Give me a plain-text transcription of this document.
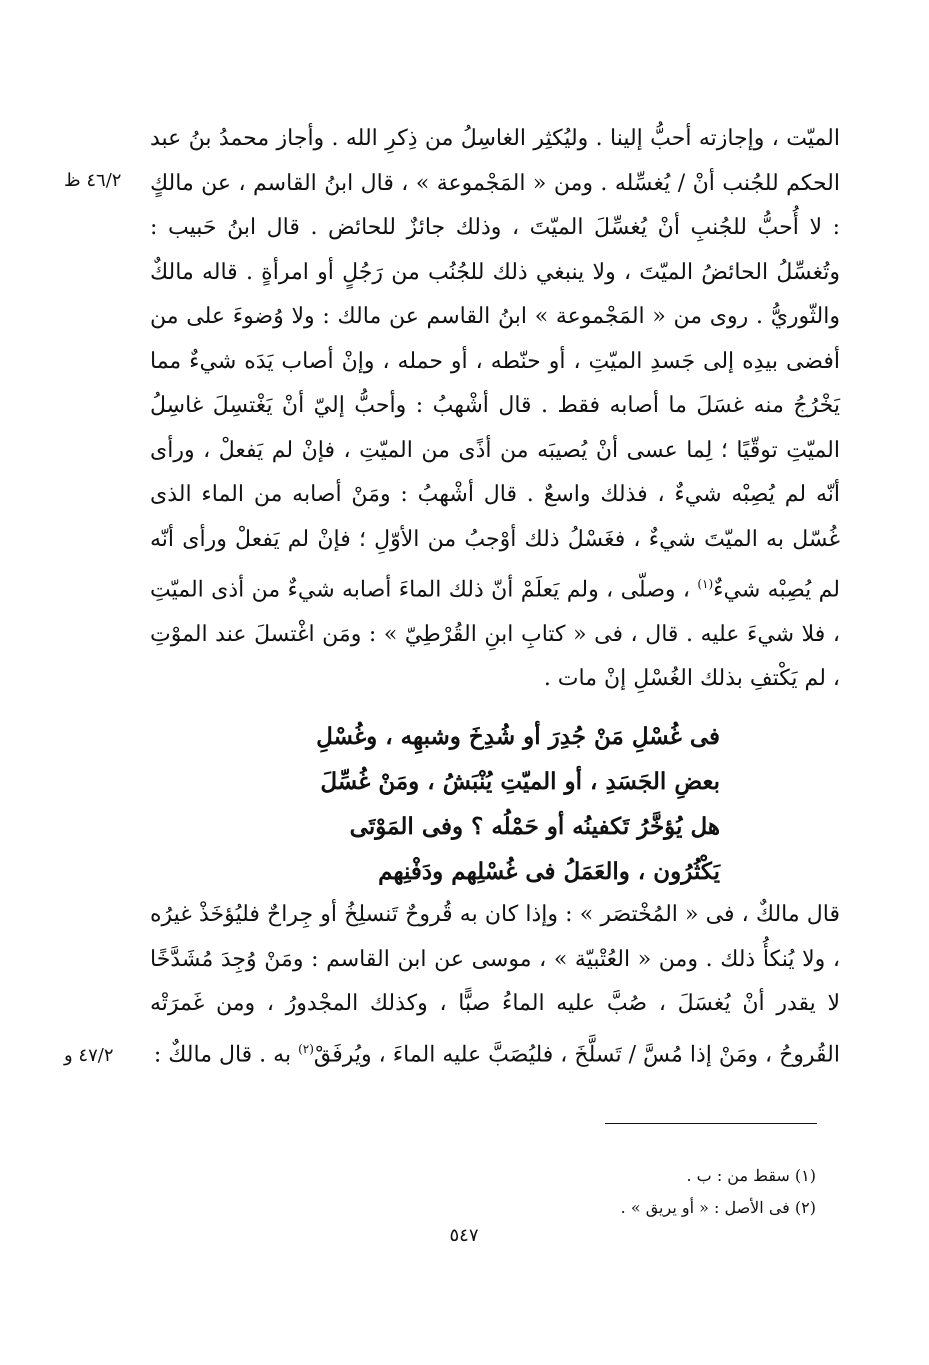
٤٦/٢ ظ

الميّت ، وإجازته أحبُّ إلينا . وليُكثِر الغاسِلُ من ذِكرِ الله . وأجاز محمدُ بنُ عبد الحكم للجُنب أنْ / يُغسِّله . ومن « المَجْموعة » ، قال ابنُ القاسم ، عن مالكٍ : لا أُحبُّ للجُنبِ أنْ يُغسِّلَ الميّتَ ، وذلك جائزٌ للحائض . قال ابنُ حَبيب : وتُغسِّلُ الحائضُ الميّتَ ، ولا ينبغي ذلك للجُنُب من رَجُلٍ أو امرأةٍ . قاله مالكٌ والثّوريُّ . روى من « المَجْموعة » ابنُ القاسم عن مالك : ولا وُضوءَ على من أفضى بيدِه إلى جَسدِ الميّتِ ، أو حنّطه ، أو حمله ، وإنْ أصاب يَدَه شيءٌ مما يَخْرُجُ منه غسَلَ ما أصابه فقط . قال أشْهبُ : وأحبُّ إليّ أنْ يَغْتسِلَ غاسِلُ الميّتِ توقّيًا ؛ لِما عسى أنْ يُصيبَه من أذًى من الميّتِ ، فإنْ لم يَفعلْ ، ورأى أنّه لم يُصِبْه شيءٌ ، فذلك واسعٌ . قال أشْهبُ : ومَنْ أصابه من الماء الذى غُسّل به الميّتَ شيءٌ ، فغَسْلُ ذلك أوْجبُ من الأوّلِ ؛ فإنْ لم يَفعلْ ورأى أنّه لم يُصِبْه شيءٌ$^{(١)}$ ، وصلّى ، ولم يَعلَمْ أنّ ذلك الماءَ أصابه شيءٌ من أذى الميّتِ ، فلا شيءَ عليه . قال ، فى « كتابِ ابنِ القُرْطِيّ » : ومَن اغْتسلَ عند الموْتِ ، لم يَكْتفِ بذلك الغُسْلِ إنْ مات .

فى غُسْلِ مَنْ جُدِرَ أو شُدِخَ وشبهِه ، وغُسْلِ
بعضِ الجَسَدِ ، أو الميّتِ يُنْبَشُ ، ومَنْ غُسِّلَ
هل يُؤخَّرُ تَكفينُه أو حَمْلُه ؟ وفى المَوْتَى
يَكْثُرُون ، والعَمَلُ فى غُسْلِهم ودَفْنِهم

قال مالكٌ ، فى « المُخْتصَر » : وإذا كان به قُروحٌ تَنسلِخُ أو جِراحٌ فليُؤخَذْ غيرُه ، ولا يُنكأُ ذلك . ومن « العُتْبيّة » ، موسى عن ابن القاسم : ومَنْ وُجِدَ مُشَدَّخًا لا يقدر أنْ يُغسَلَ ، صُبَّ عليه الماءُ صبًّا ، وكذلك المجْدورُ ، ومن غَمرَتْه القُروحُ ، ومَنْ إذا مُسَّ / تَسلَّخَ ، فليُصَبَّ عليه الماءَ ، ويُرفَقْ$^{(٢)}$ به . قال مالكٌ :

٤٧/٢ و
(١) سقط من : ب .
(٢) فى الأصل : « أو يريق » .
٥٤٧
